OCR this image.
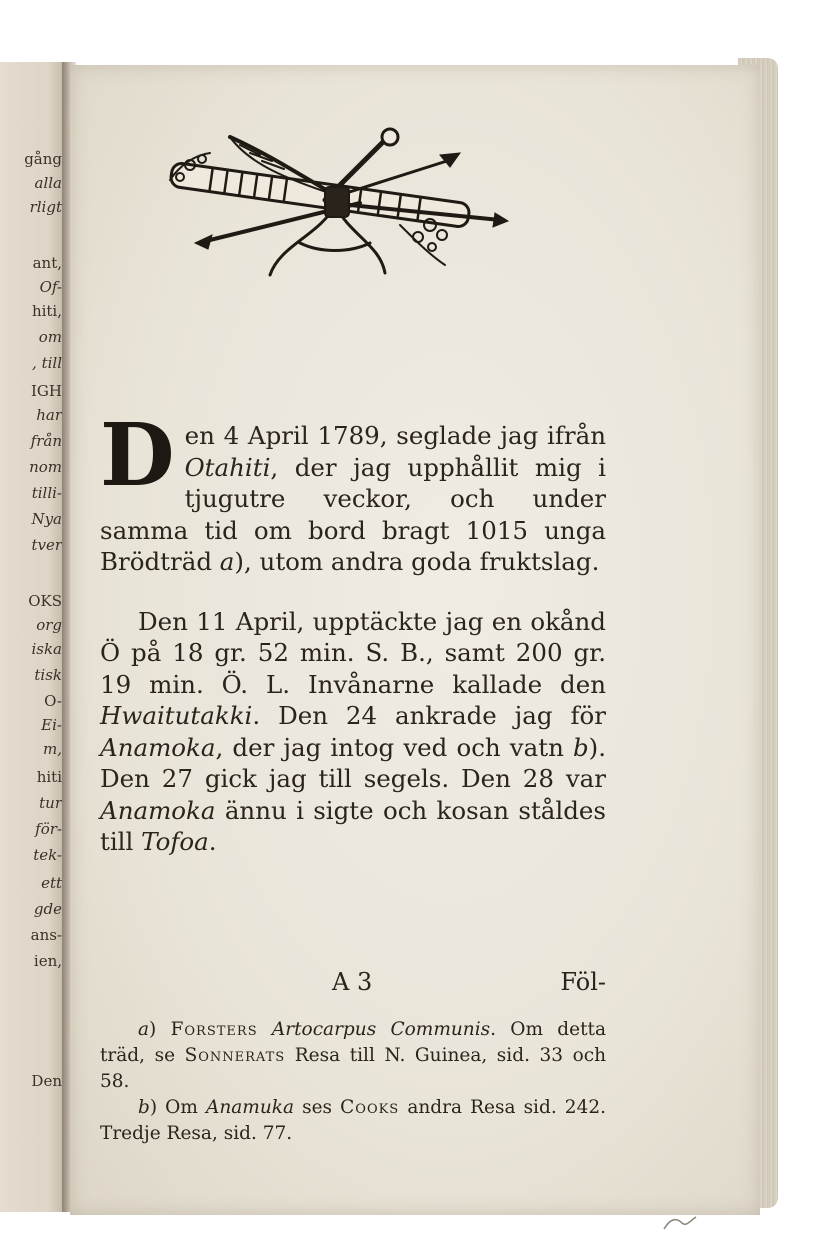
gång
alla
rligt
ant,
Of-
hiti,
om
, till
IGH
har
från
nom
tilli-
Nya
tver
OKS
org
iska
tisk
O-
Ei-
m,
hiti
tur
för-
tek-
ett
gde
ans-
ien,
Den
⠀

D en 4 April 1789, seglade jag ifrån Otahiti, der jag upphållit mig i tjugutre veckor, och under samma tid om bord bragt 1015 unga Brödträd a), utom andra goda fruktslag.

Den 11 April, upptäckte jag en okånd Ö på 18 gr. 52 min. S. B., samt 200 gr. 19 min. Ö. L. Invånarne kallade den Hwaitutakki. Den 24 ankrade jag för Anamoka, der jag intog ved och vatn b). Den 27 gick jag till segels. Den 28 var Anamoka ännu i sigte och kosan ståldes till Tofoa.

A 3	Föl-

a) Forsters Artocarpus Communis. Om detta träd, se Sonnerats Resa till N. Guinea, sid. 33 och 58.

b) Om Anamuka ses Cooks andra Resa sid. 242. Tredje Resa, sid. 77.
